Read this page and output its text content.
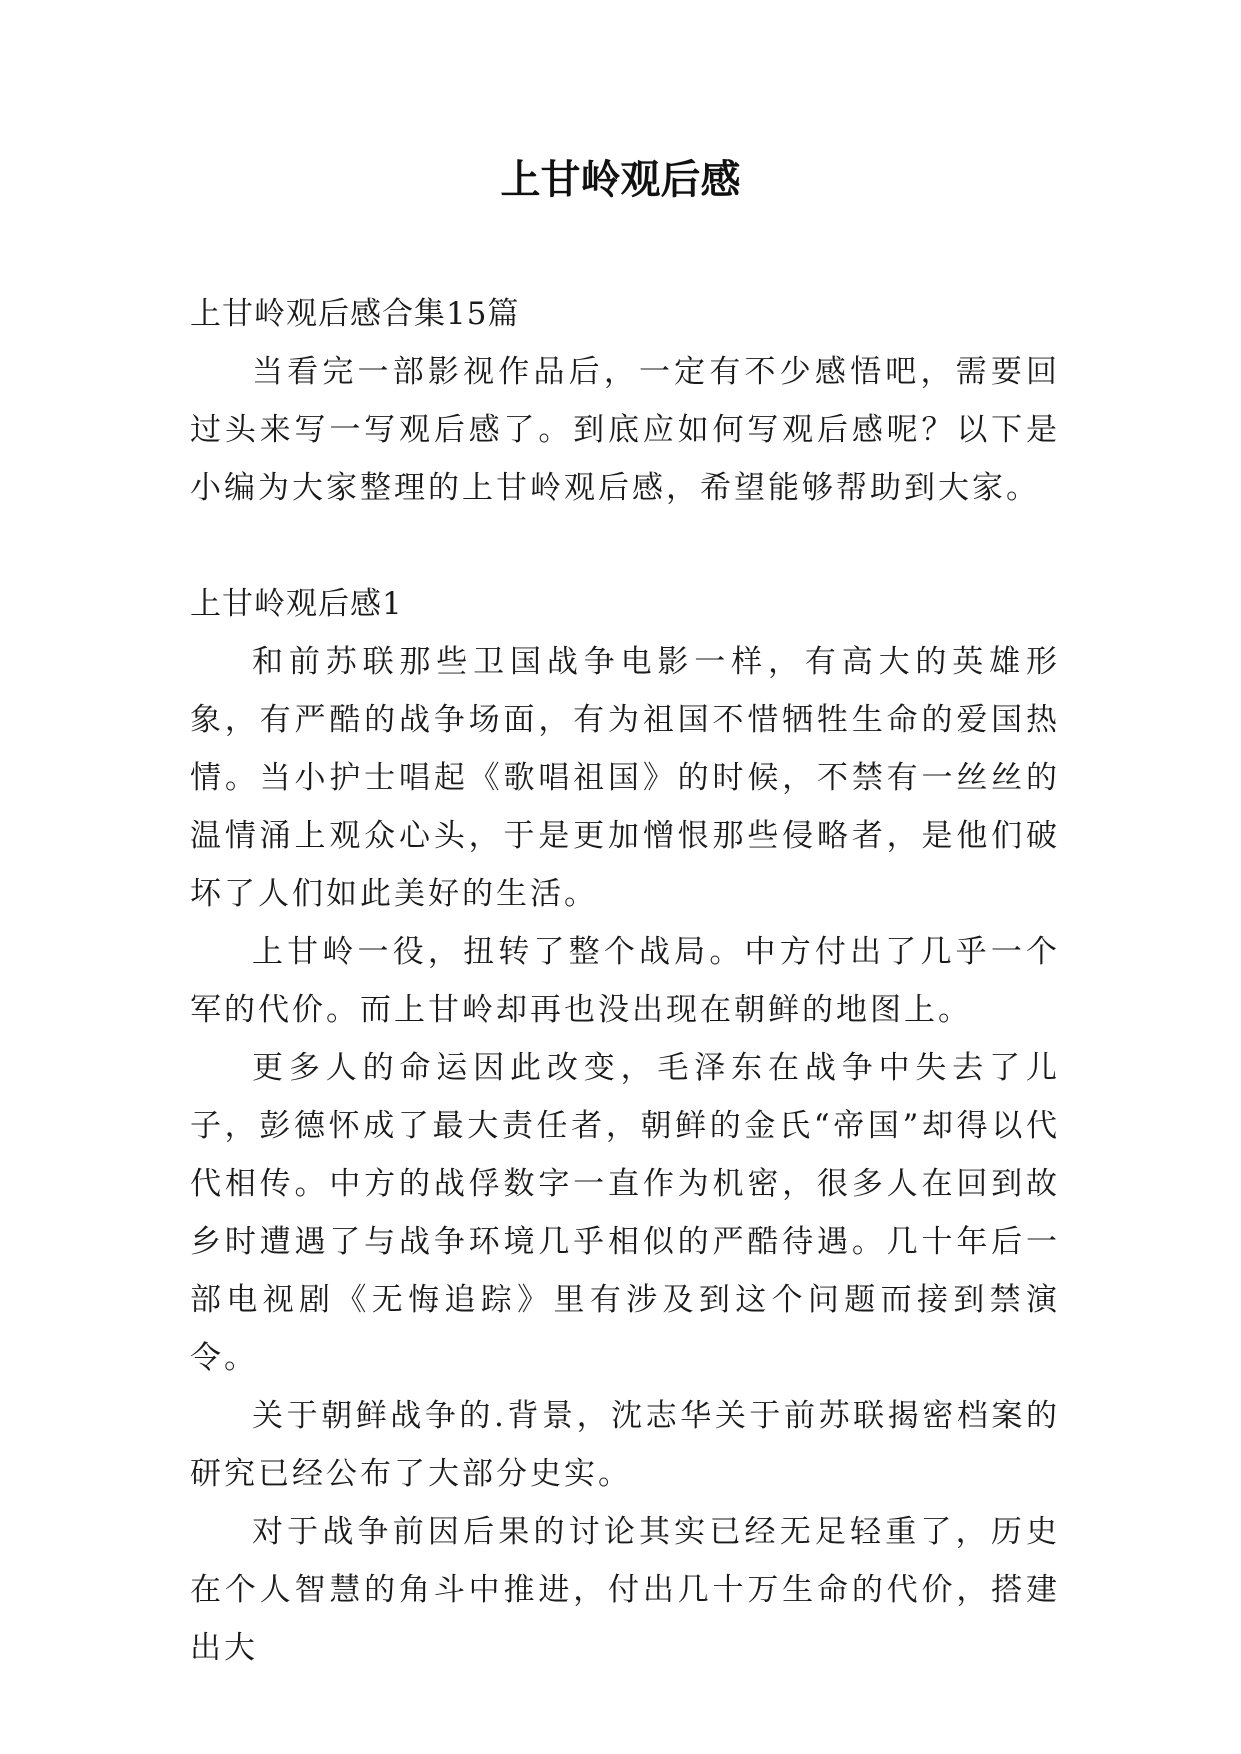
上甘岭观后感

上甘岭观后感合集15篇

当看完一部影视作品后，一定有不少感悟吧，需要回过头来写一写观后感了。到底应如何写观后感呢？以下是小编为大家整理的上甘岭观后感，希望能够帮助到大家。

上甘岭观后感1

和前苏联那些卫国战争电影一样，有高大的英雄形象，有严酷的战争场面，有为祖国不惜牺牲生命的爱国热情。当小护士唱起《歌唱祖国》的时候，不禁有一丝丝的温情涌上观众心头，于是更加憎恨那些侵略者，是他们破坏了人们如此美好的生活。

上甘岭一役，扭转了整个战局。中方付出了几乎一个军的代价。而上甘岭却再也没出现在朝鲜的地图上。

更多人的命运因此改变，毛泽东在战争中失去了儿子，彭德怀成了最大责任者，朝鲜的金氏“帝国”却得以代代相传。中方的战俘数字一直作为机密，很多人在回到故乡时遭遇了与战争环境几乎相似的严酷待遇。几十年后一部电视剧《无悔追踪》里有涉及到这个问题而接到禁演令。

关于朝鲜战争的.背景，沈志华关于前苏联揭密档案的研究已经公布了大部分史实。

对于战争前因后果的讨论其实已经无足轻重了，历史在个人智慧的角斗中推进，付出几十万生命的代价，搭建出大
